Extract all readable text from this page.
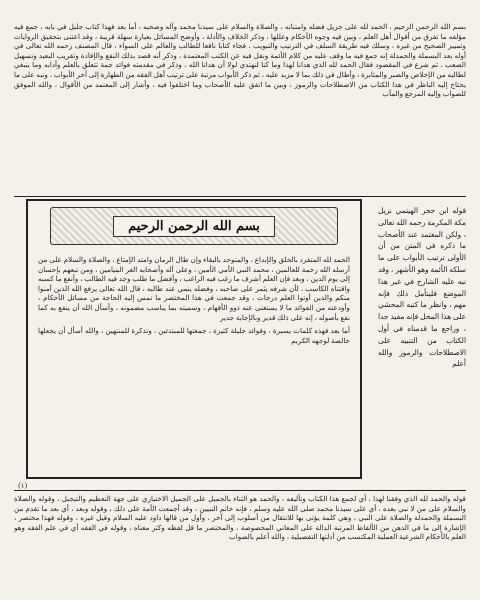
بسم الله الرحمن الرحيم ، الحمد لله على جزيل فضله وامتنانه ، والصلاة والسلام على سيدنا محمد وآله وصحبه ، أما بعد فهذا كتاب جليل في بابه ، جمع فيه مؤلفه ما تفرق من أقوال أهل العلم ، وبين فيه وجوه الأحكام وعللها ، وذكر الخلاف والأدلة ، وأوضح المسائل بعبارة سهلة قريبة ، وقد اعتنى بتحقيق الروايات وتمييز الصحيح من غيره ، وسلك فيه طريقة السلف في الترتيب والتبويب ، فجاء كتابا نافعا للطالب والعالم على السواء ، قال المصنف رحمه الله تعالى في أوله بعد البسملة والحمدلة إنه جمع فيه ما وقف عليه من كلام الأئمة ونقل فيه عن الكتب المعتمدة ، وذكر أنه قصد بذلك النفع والإفادة وتقريب البعيد وتسهيل الصعب ، ثم شرع في المقصود فقال الحمد لله الذي هدانا لهذا وما كنا لنهتدي لولا أن هدانا الله ، وذكر في مقدمته فوائد جمة تتعلق بالعلم وآدابه وما ينبغي لطالبه من الإخلاص والصبر والمثابرة ، وأطال في ذلك بما لا مزيد عليه ، ثم ذكر الأبواب مرتبة على ترتيب أهل الفقه من الطهارة إلى آخر الأبواب ، ونبه على ما يحتاج إليه الناظر في هذا الكتاب من الاصطلاحات والرموز ، وبين ما اتفق عليه الأصحاب وما اختلفوا فيه ، وأشار إلى المعتمد من الأقوال ، والله الموفق للصواب وإليه المرجع والمآب

بسم الله الرحمن الرحيم

الحمد لله المتفرد بالخلق والإبداع ، والمتوحد بالبقاء وإن طال الزمان وامتد الإمتاع ، والصلاة والسلام على من أرسله الله رحمة للعالمين ، محمد النبي الأمي الأمين ، وعلى آله وأصحابه الغر الميامين ، ومن تبعهم بإحسان إلى يوم الدين ، وبعد فإن العلم أشرف ما رغب فيه الراغب ، وأفضل ما طلب وجد فيه الطالب ، وأنفع ما كسبه واقتناه الكاسب ، لأن شرفه يثمر على صاحبه ، وفضله ينمي عند طالبه ، قال الله تعالى يرفع الله الذين آمنوا منكم والذين أوتوا العلم درجات ، وقد جمعت في هذا المختصر ما تمس إليه الحاجة من مسائل الأحكام ، وأودعته من الفوائد ما لا يستغنى عنه ذوو الأفهام ، وسميته بما يناسب مضمونه ، وأسأل الله أن ينفع به كما نفع بأصوله ، إنه على ذلك قدير وبالإجابة جدير

أما بعد فهذه كلمات يسيرة ، وفوائد جليلة كثيرة ، جمعتها للمبتدئين ، وتذكرة للمنتهين ، والله أسأل أن يجعلها خالصة لوجهه الكريم

قوله ابن حجر الهيتمي نزيل مكة المكرمة رحمه الله تعالى ، ولكن المعتمد عند الأصحاب ما ذكره في المتن من أن الأولى ترتيب الأبواب على ما سلكه الأئمة وهو الأشهر ، وقد نبه عليه الشارح في غير هذا الموضع فليتأمل ذلك فإنه مهم ، وانظر ما كتبه المحشي على هذا المحل فإنه مفيد جدا ، وراجع ما قدمناه في أول الكتاب من التنبيه على الاصطلاحات والرموز والله أعلم
(١)

قوله والحمد لله الذي وفقنا لهذا ، أي لجمع هذا الكتاب وتأليفه ، والحمد هو الثناء بالجميل على الجميل الاختياري على جهة التعظيم والتبجيل ، وقوله والصلاة والسلام على من لا نبي بعده ، أي على سيدنا محمد صلى الله عليه وسلم ، فإنه خاتم النبيين ، وقد أجمعت الأمة على ذلك ، وقوله وبعد ، أي بعد ما تقدم من البسملة والحمدلة والصلاة على النبي ، وهي كلمة يؤتى بها للانتقال من أسلوب إلى آخر ، وأول من قالها داود عليه السلام وقيل غيره ، وقوله فهذا مختصر ، الإشارة إلى ما في الذهن من الألفاظ المرتبة الدالة على المعاني المخصوصة ، والمختصر ما قل لفظه وكثر معناه ، وقوله في الفقه أي في علم الفقه وهو العلم بالأحكام الشرعية العملية المكتسب من أدلتها التفصيلية ، والله أعلم بالصواب
